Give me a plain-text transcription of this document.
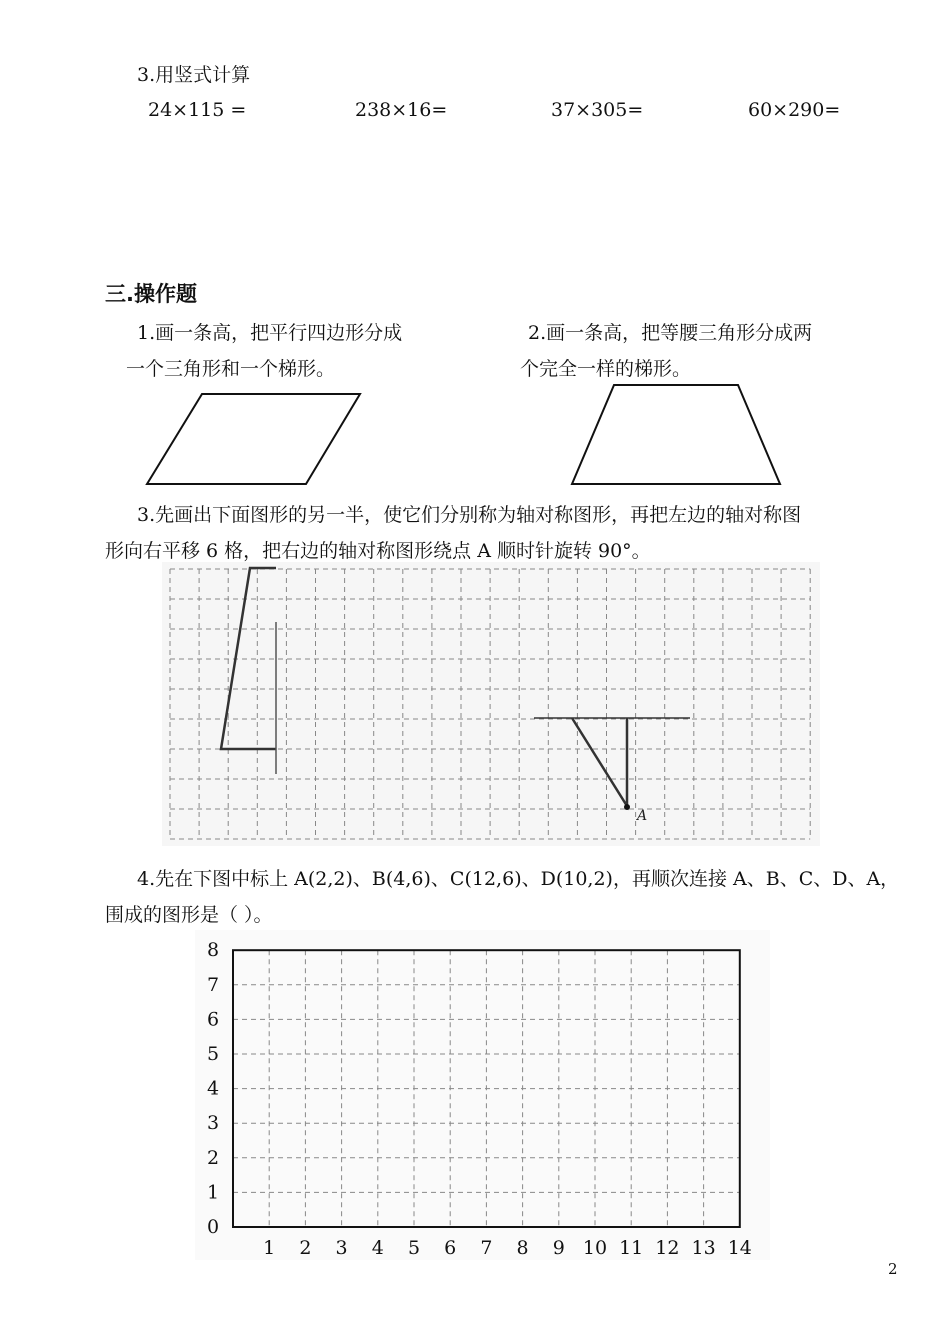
3.用竖式计算
24×115 =	238×16=	37×305=	60×290=
三.操作题
1.画一条高，把平行四边形分成
一个三角形和一个梯形。
2.画一条高，把等腰三角形分成两
个完全一样的梯形。
3.先画出下面图形的另一半，使它们分别称为轴对称图形，再把左边的轴对称图
形向右平移 6 格，把右边的轴对称图形绕点 A 顺时针旋转 90°。
A
4.先在下图中标上 A(2,2)、B(4,6)、C(12,6)、D(10,2)，再顺次连接 A、B、C、D、A，
围成的图形是（ ）。
0
1
2
3
4
5
6
7
8
1 2 3 4 5 6 7 8 9 10 11 12 13 14
2
